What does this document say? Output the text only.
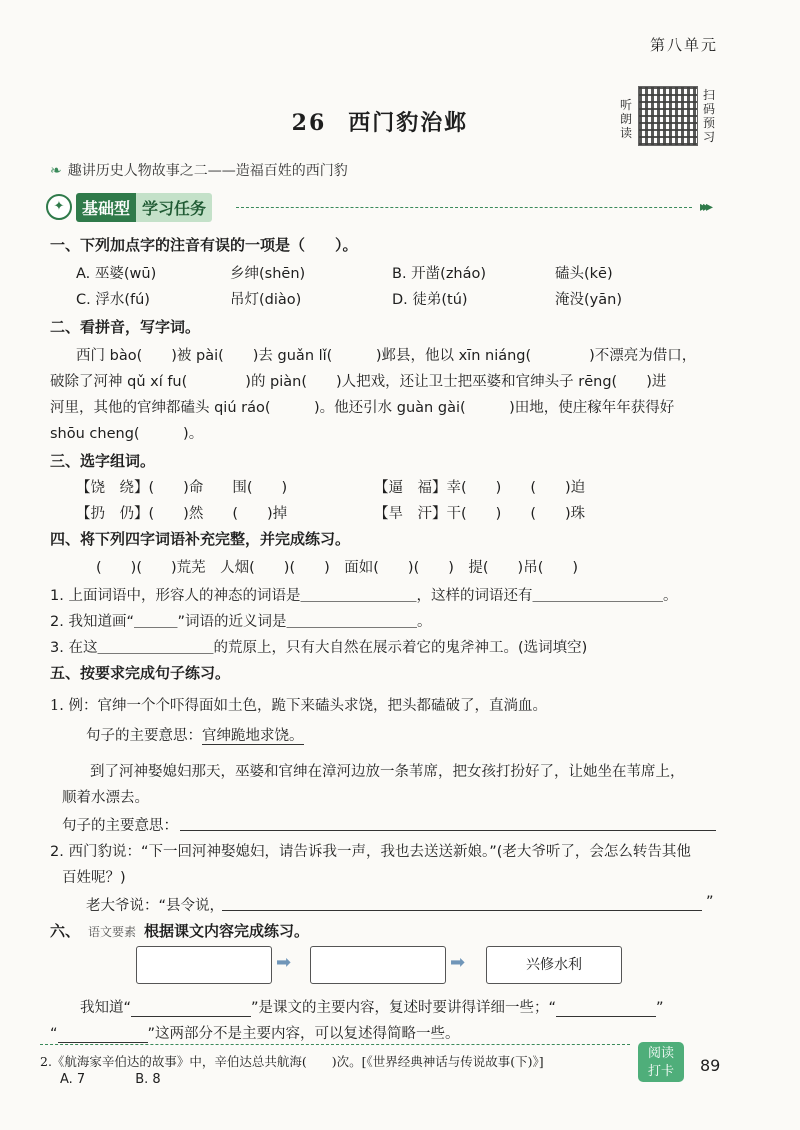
第八单元
26 西门豹治邺
听朗读
扫码预习
❧ 趣讲历史人物故事之二——造福百姓的西门豹
✦	基础型 学习任务	▸▸▸
一、下列加点字的注音有误的一项是（　　）。
A. 巫婆(wū)	乡绅(shēn)	B. 开凿(zháo)	磕头(kē)
C. 浮水(fú)	吊灯(diào)	D. 徒弟(tú)	淹没(yān)
二、看拼音，写字词。
西门 bào(　　)被 pài(　　)去 guǎn lǐ(　　　)邺县，他以 xīn niáng(　　　　)不漂亮为借口，
破除了河神 qǔ xí fu(　　　　)的 piàn(　　)人把戏，还让卫士把巫婆和官绅头子 rēng(　　)进
河里，其他的官绅都磕头 qiú ráo(　　　)。他还引水 guàn gài(　　　)田地，使庄稼年年获得好
shōu cheng(　　　)。
三、选字组词。
【饶　绕】(　　)命　　围(　　)	【逼　福】幸(　　)　　(　　)迫
【扔　仍】(　　)然　　(　　)掉	【旱　汗】干(　　)　　(　　)珠
四、将下列四字词语补充完整，并完成练习。
(　　)(　　)荒芜　人烟(　　)(　　)　面如(　　)(　　)　提(　　)吊(　　)
1. 上面词语中，形容人的神态的词语是＿＿＿＿＿＿＿＿，这样的词语还有＿＿＿＿＿＿＿＿＿。
2. 我知道画“＿＿＿”词语的近义词是＿＿＿＿＿＿＿＿＿。
3. 在这＿＿＿＿＿＿＿＿的荒原上，只有大自然在展示着它的鬼斧神工。(选词填空)
五、按要求完成句子练习。
1. 例：官绅一个个吓得面如土色，跪下来磕头求饶，把头都磕破了，直淌血。
句子的主要意思：官绅跪地求饶。
到了河神娶媳妇那天，巫婆和官绅在漳河边放一条苇席，把女孩打扮好了，让她坐在苇席上，
顺着水漂去。
句子的主要意思：
2. 西门豹说：“下一回河神娶媳妇，请告诉我一声，我也去送送新娘。”(老大爷听了，会怎么转告其他
百姓呢？)
老大爷说：“县令说，	”
六、 语文要素 根据课文内容完成练习。
➡	➡	兴修水利
我知道“	”是课文的主要内容，复述时要讲得详细一些；“	”
“	”这两部分不是主要内容，可以复述得简略一些。
2.《航海家辛伯达的故事》中，辛伯达总共航海(　　)次。[《世界经典神话与传说故事(下)》]
A. 7	B. 8
阅读
打卡	89
